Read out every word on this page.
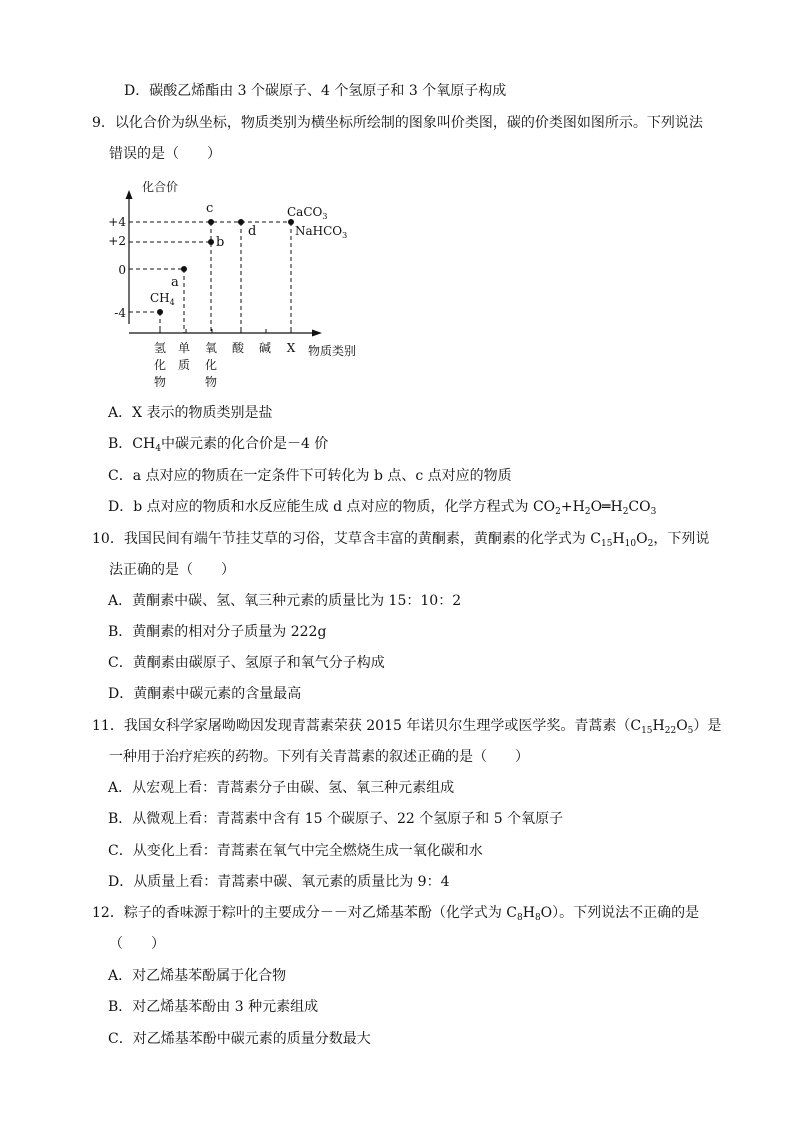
D．碳酸乙烯酯由 3 个碳原子、4 个氢原子和 3 个氧原子构成
9．以化合价为纵坐标，物质类别为横坐标所绘制的图象叫价类图，碳的价类图如图所示。下列说法
错误的是（　　）
化合价
物质类别
+4
+2
0
-4
c
b
d
a
$CH_4$
CaCO$_3$
NaHCO$_3$
氢化物
单质
氧化物
酸 碱 X
A．X 表示的物质类别是盐
B．$CH_4$中碳元素的化合价是－4 价
C．a 点对应的物质在一定条件下可转化为 b 点、c 点对应的物质
D．b 点对应的物质和水反应能生成 d 点对应的物质，化学方程式为 $CO_2+H_2O═H_2CO_3$
10．我国民间有端午节挂艾草的习俗，艾草含丰富的黄酮素，黄酮素的化学式为 $C_{15}H_{10}O_2$，下列说
法正确的是（　　）
A．黄酮素中碳、氢、氧三种元素的质量比为 15：10：2
B．黄酮素的相对分子质量为 222g
C．黄酮素由碳原子、氢原子和氧气分子构成
D．黄酮素中碳元素的含量最高
11．我国女科学家屠呦呦因发现青蒿素荣获 2015 年诺贝尔生理学或医学奖。青蒿素$(C_{15}H_{22}O_5)$是
一种用于治疗疟疾的药物。下列有关青蒿素的叙述正确的是（　　）
A．从宏观上看：青蒿素分子由碳、氢、氧三种元素组成
B．从微观上看：青蒿素中含有 15 个碳原子、22 个氢原子和 5 个氧原子
C．从变化上看：青蒿素在氧气中完全燃烧生成一氧化碳和水
D．从质量上看：青蒿素中碳、氧元素的质量比为 9：4
12．粽子的香味源于粽叶的主要成分－－对乙烯基苯酚（化学式为 $C_8H_8O$）。下列说法不正确的是
（　　）
A．对乙烯基苯酚属于化合物
B．对乙烯基苯酚由 3 种元素组成
C．对乙烯基苯酚中碳元素的质量分数最大
